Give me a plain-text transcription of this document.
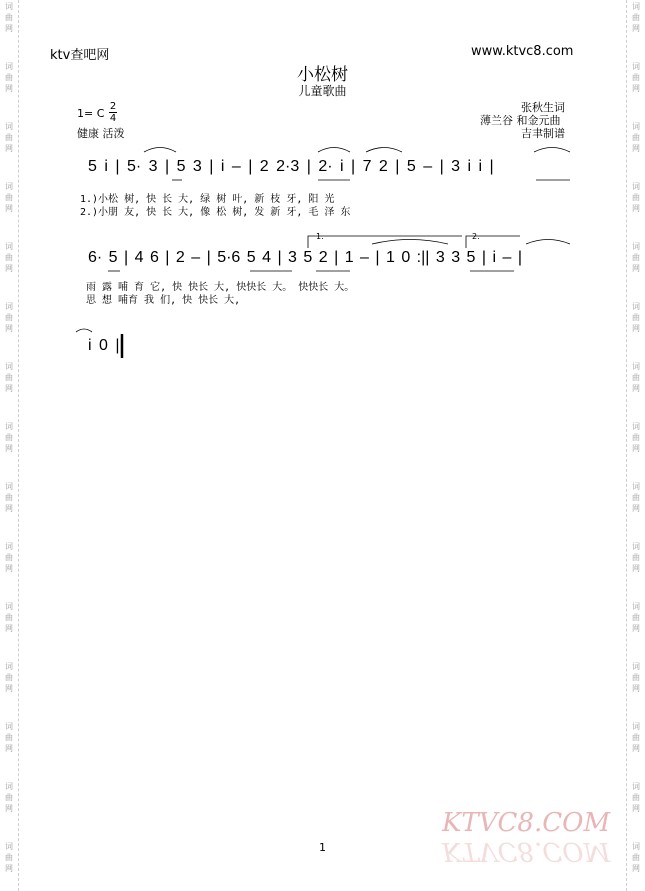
词
曲
网
词
曲
网
词
曲
网
词
曲
网
词
曲
网
词
曲
网
词
曲
网
词
曲
网
词
曲
网
词
曲
网
词
曲
网
词
曲
网
词
曲
网
词
曲
网
词
曲
网
词
曲
网
词
曲
网
词
曲
网
词
曲
网
词
曲
网
词
曲
网
词
曲
网
词
曲
网
词
曲
网
词
曲
网
词
曲
网
词
曲
网
词
曲
网
词
曲
网
词
曲
网
ktv查吧网	www.ktvc8.com
小松树
儿童歌曲
1= C
2
4
健康 活泼
张秋生词
薄兰谷 和金元曲
吉聿制谱
5 i | 5· 3 | 5 3 | i – | 2 2·3 | 2· i | 7 2 | 5 – | 3 i i |
1.)小松 树, 快 长 大, 绿 树 叶, 新 枝 牙, 阳 光
2.)小朋 友, 快 长 大, 像 松 树, 发 新 牙, 毛 泽 东
1.	2.
6· 5 | 4 6 | 2 – | 5·6 5 4 | 3 5 2 | 1 – | 1 0 :|| 3 3 5 | i – |
雨 露 哺 育 它, 快 快长 大, 快快长 大。 快快长 大。
思 想 哺育 我 们, 快 快长 大,
i 0 ||
1
KTVC8.COM
KTVC8.COM
